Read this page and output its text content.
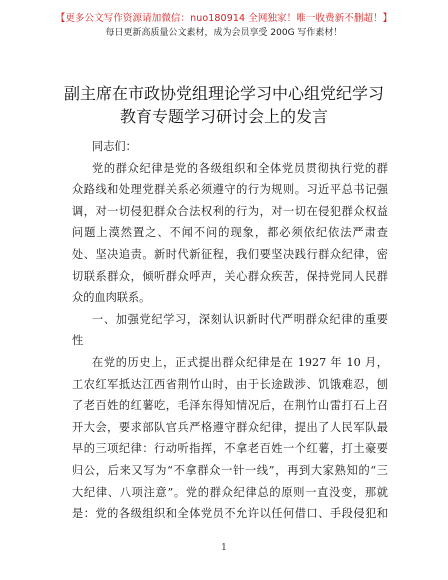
【更多公文写作资源请加微信：nuo180914 全网独家！唯一收费新不删超！】
每日更新高质量公文素材，成为会员享受 200G 写作素材！
副主席在市政协党组理论学习中心组党纪学习
教育专题学习研讨会上的发言
同志们：
党的群众纪律是党的各级组织和全体党员贯彻执行党的群
众路线和处理党群关系必须遵守的行为规则。习近平总书记强
调，对一切侵犯群众合法权利的行为，对一切在侵犯群众权益
问题上漠然置之、不闻不问的现象，都必须依纪依法严肃查
处、坚决追责。新时代新征程，我们要坚决践行群众纪律，密
切联系群众，倾听群众呼声，关心群众疾苦，保持党同人民群
众的血肉联系。
一、加强党纪学习，深刻认识新时代严明群众纪律的重要
性
在党的历史上，正式提出群众纪律是在 1927 年 10 月，
工农红军抵达江西省荆竹山时，由于长途跋涉、饥饿难忍，刨
了老百姓的红薯吃，毛泽东得知情况后，在荆竹山雷打石上召
开大会，要求部队官兵严格遵守群众纪律，提出了人民军队最
早的三项纪律：行动听指挥，不拿老百姓一个红薯，打土豪要
归公，后来又写为“不拿群众一针一线”，再到大家熟知的“三
大纪律、八项注意”。党的群众纪律总的原则一直没变，那就
是：党的各级组织和全体党员不允许以任何借口、手段侵犯和
1
